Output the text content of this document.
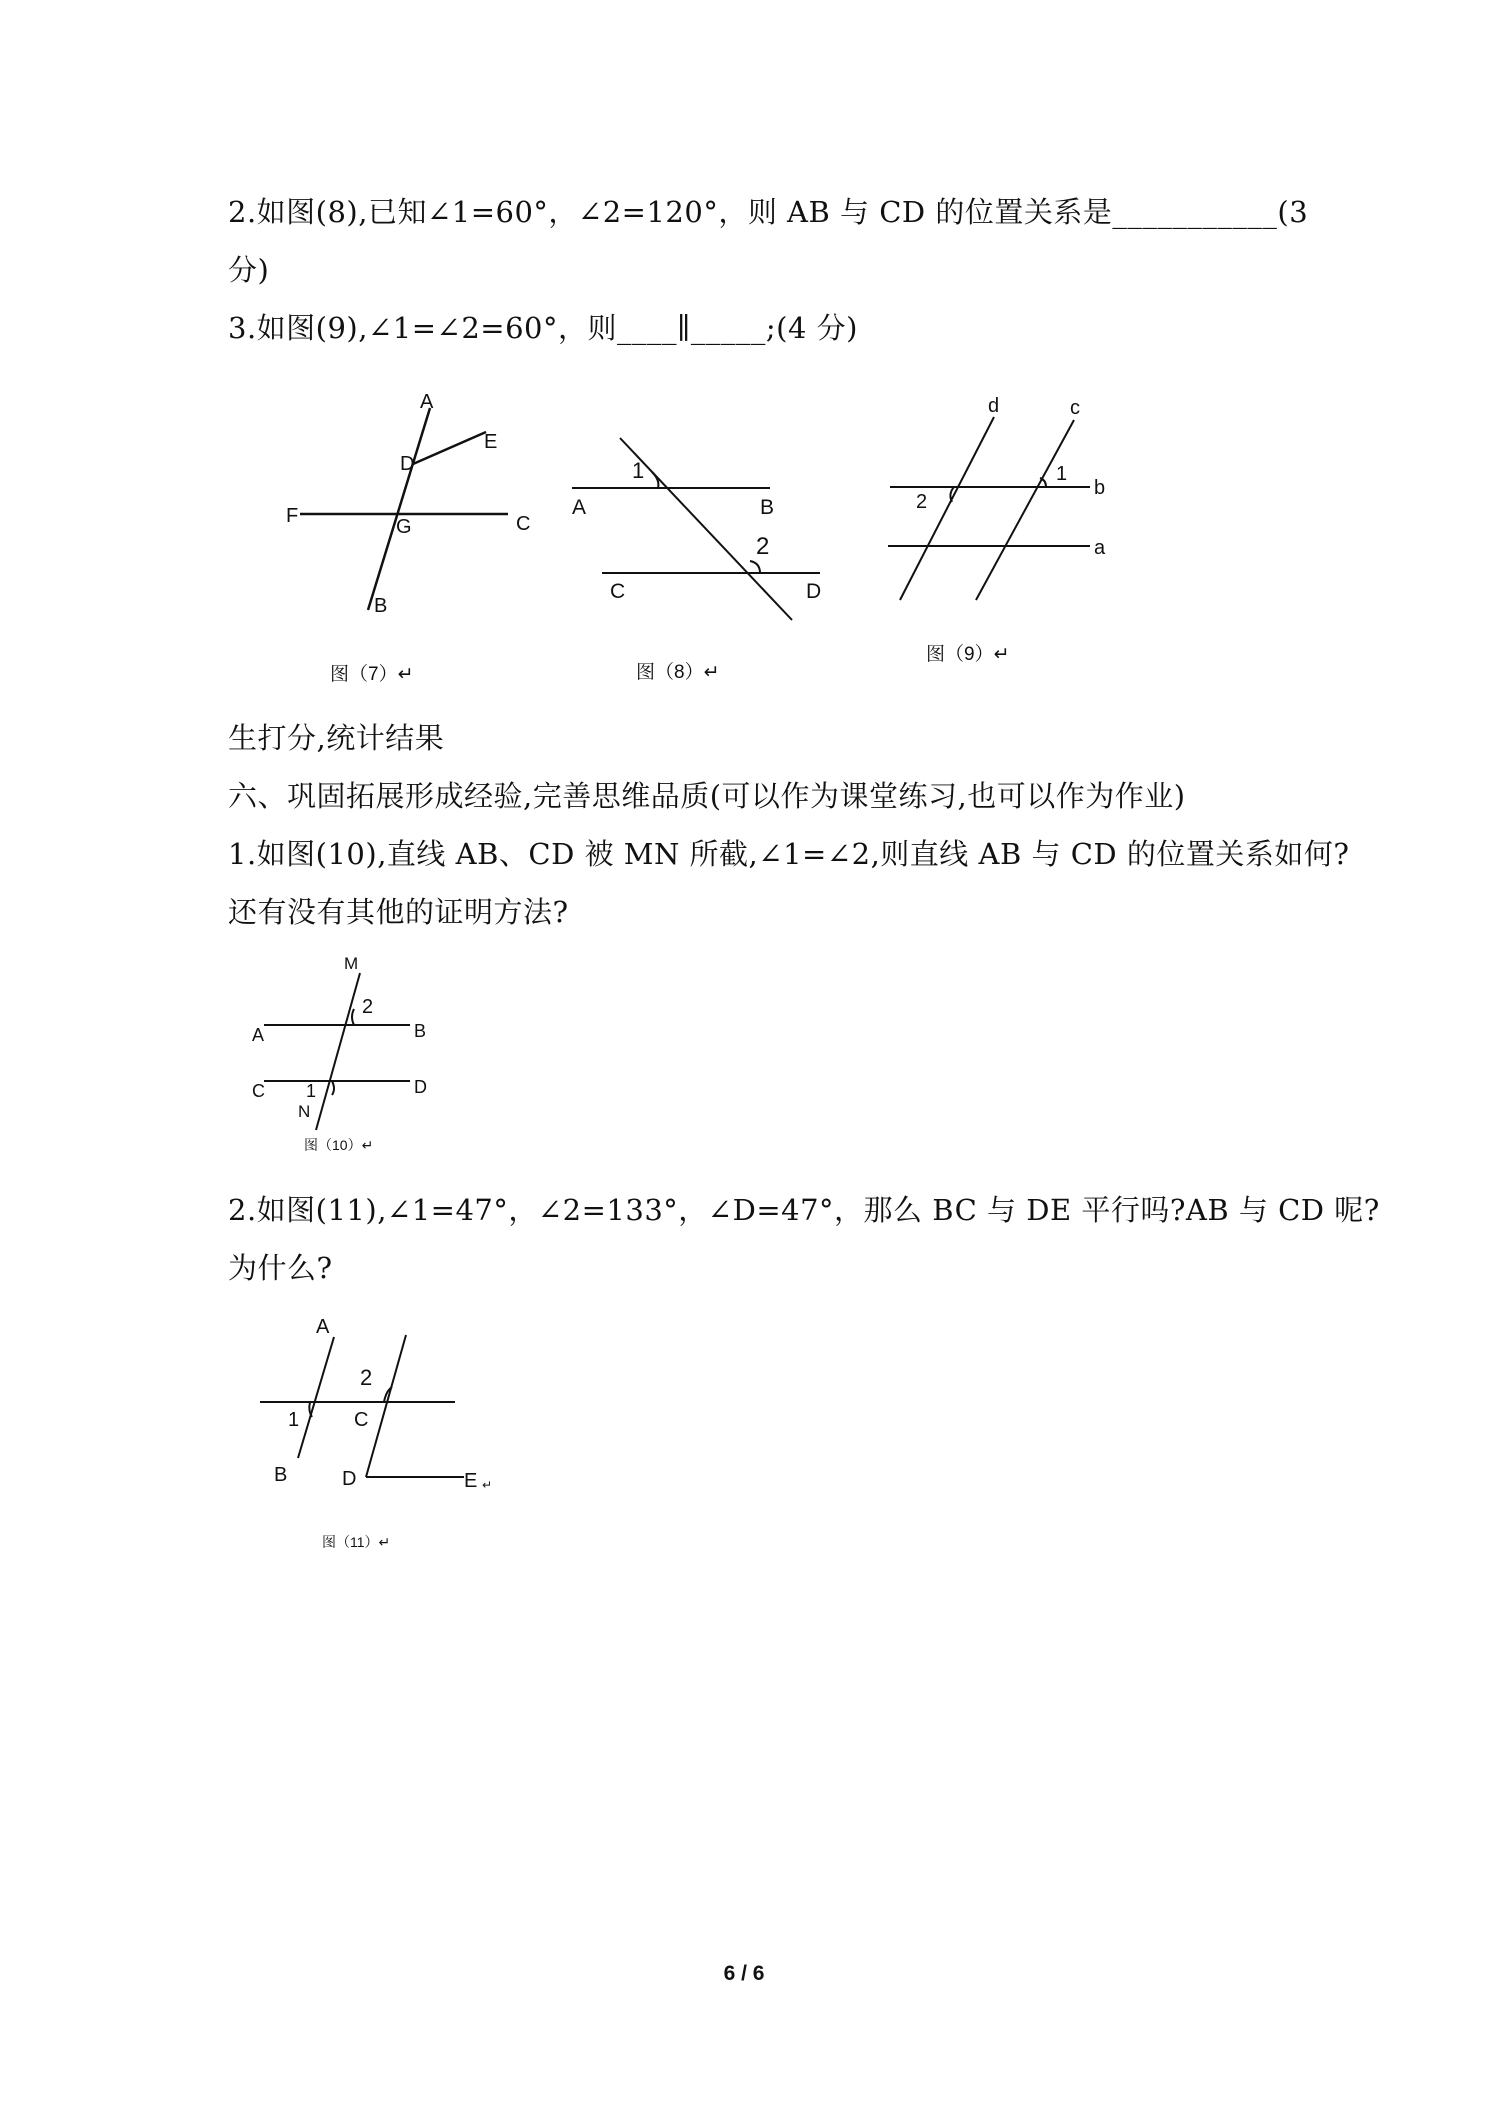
2.如图(8),已知∠1=60°，∠2=120°，则 AB 与 CD 的位置关系是___________(3
分)
3.如图(9),∠1=∠2=60°，则____∥_____;(4 分)
A
E
D
F	G	C
B
图（7）↵
1
A	B
2
C	D
图（8）↵
d	c
1
2
b
a
图（9）↵
生打分,统计结果
六、巩固拓展形成经验,完善思维品质(可以作为课堂练习,也可以作为作业)
1.如图(10),直线 AB、CD 被 MN 所截,∠1=∠2,则直线 AB 与 CD 的位置关系如何?
还有没有其他的证明方法?
M
2
A	B
C 1	D
N
图（10）↵
2.如图(11),∠1=47°，∠2=133°，∠D=47°，那么 BC 与 DE 平行吗?AB 与 CD 呢?
为什么?
A
2
1	C
B	D	E ↵
图（11）↵
6 / 6
